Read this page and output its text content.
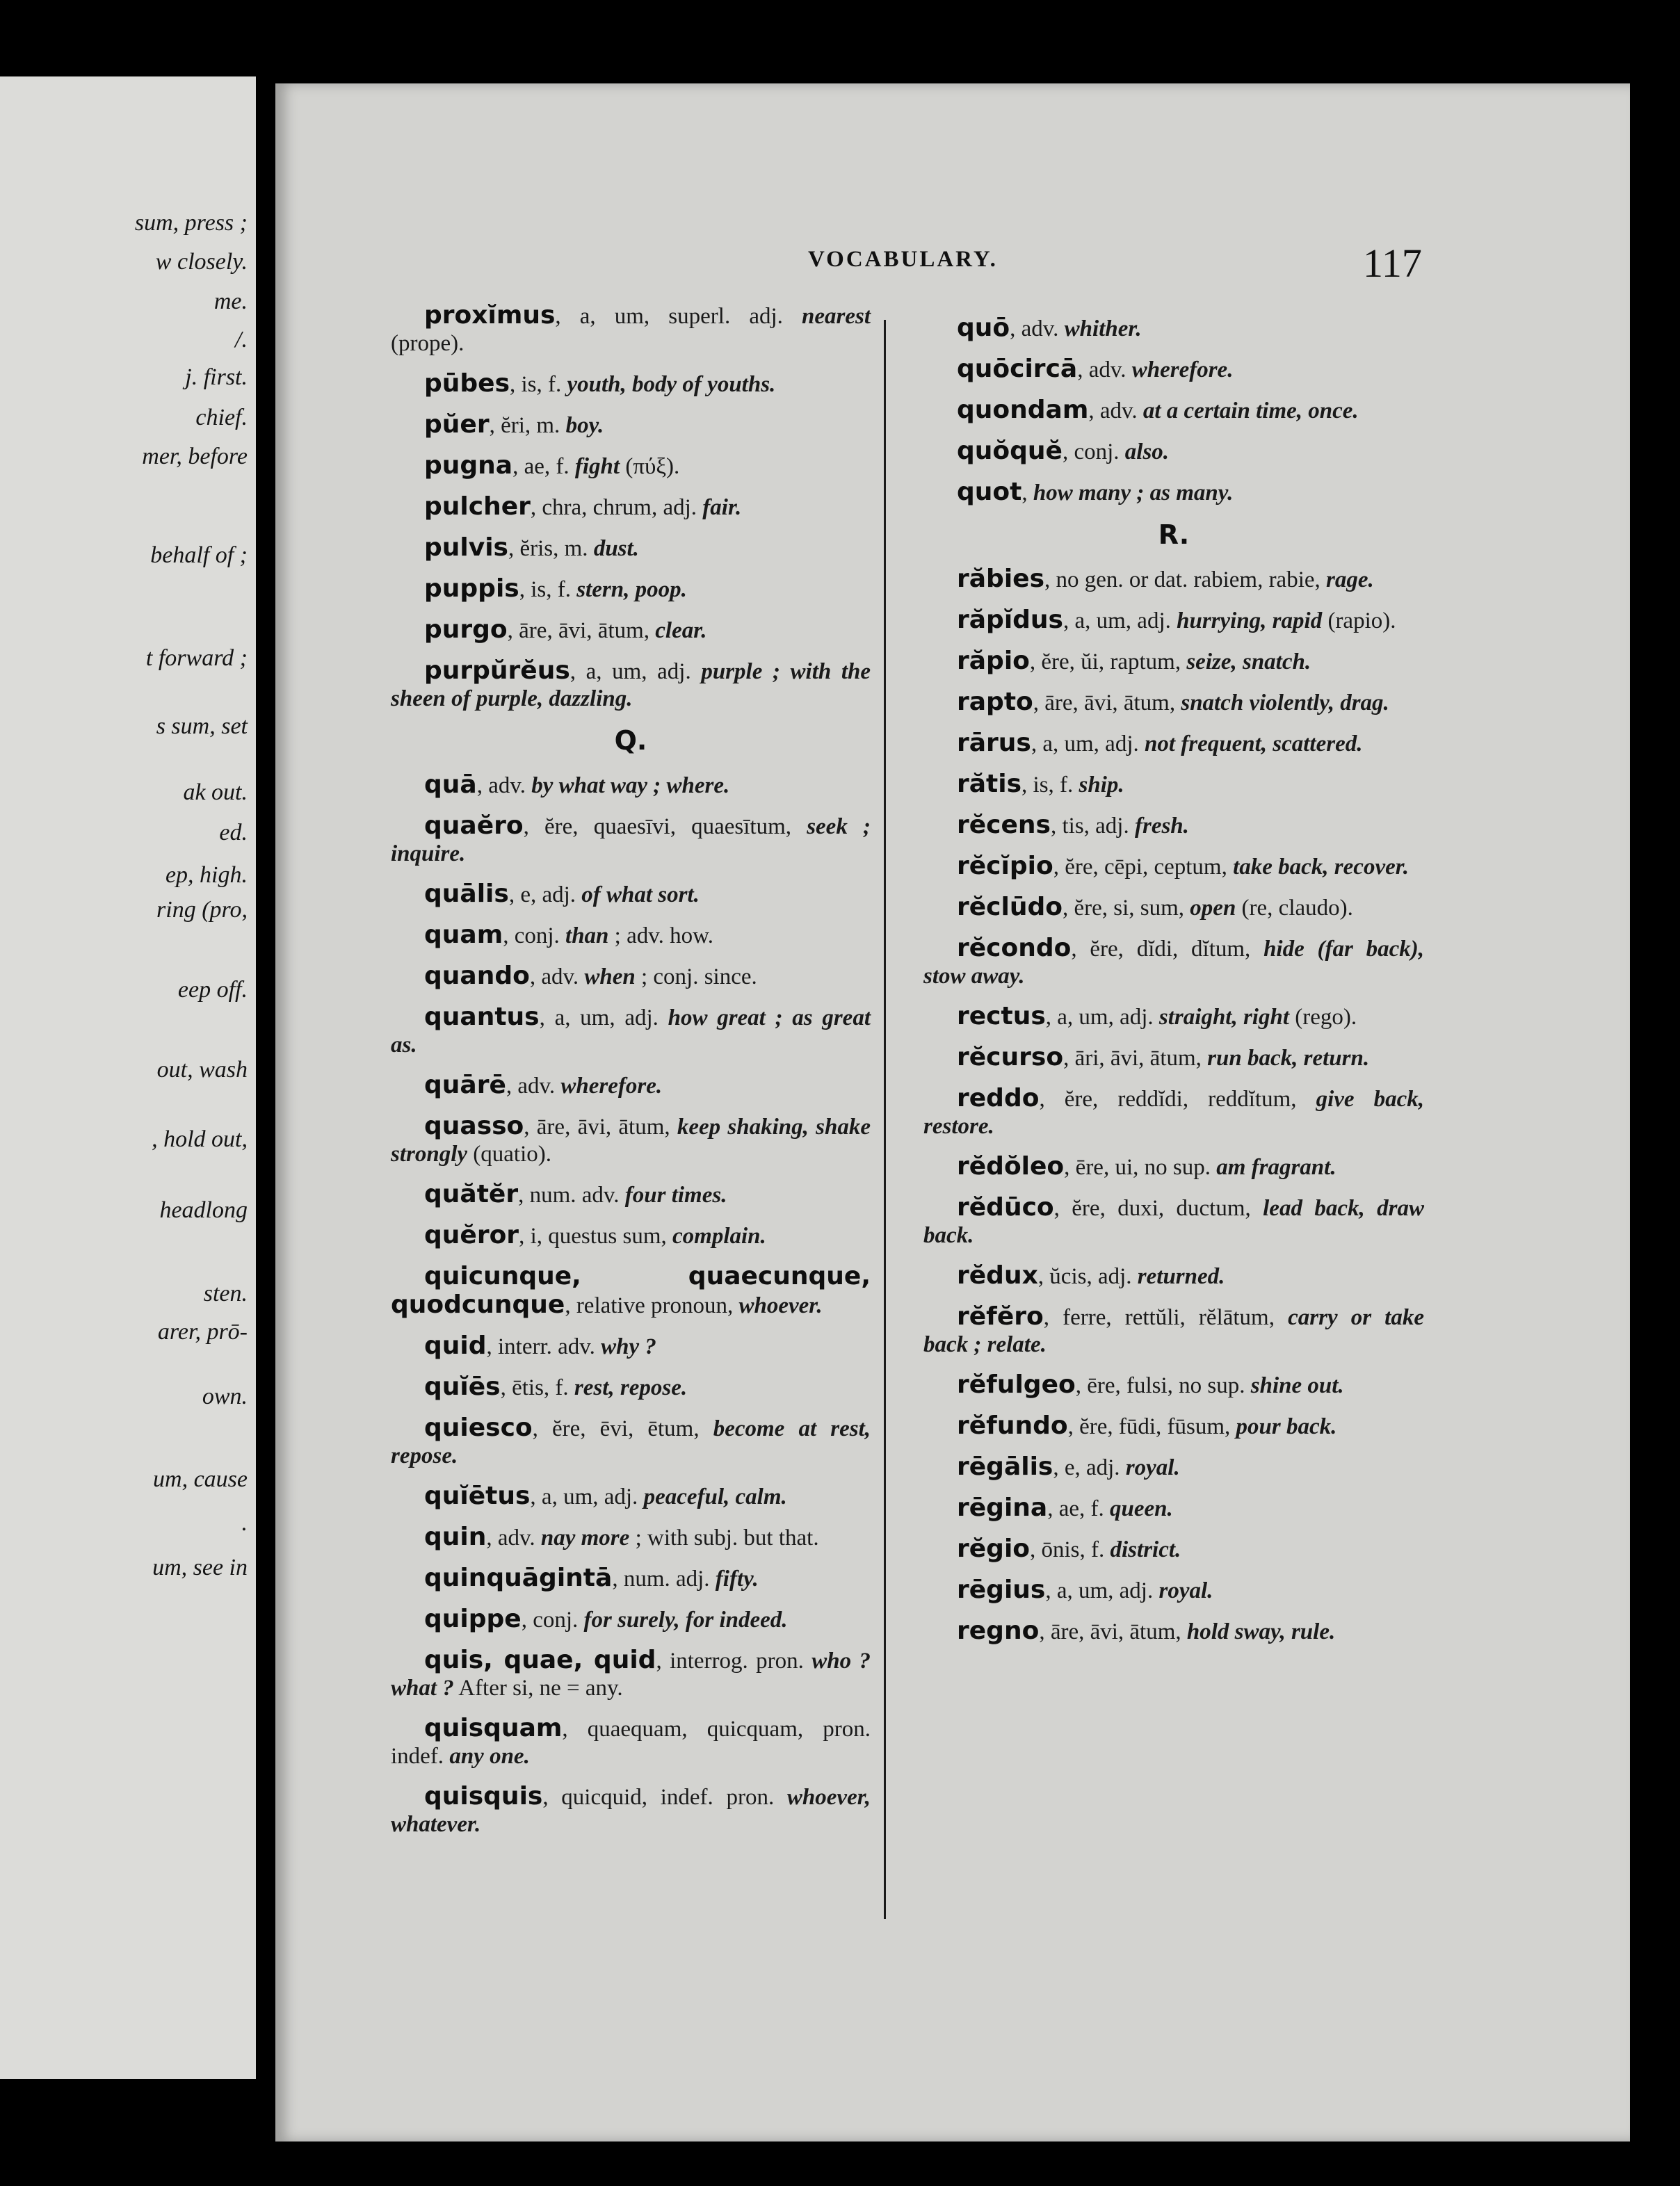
sum, press ;
w closely.
me.
/.
j. first.
chief.
mer, before
behalf of ;
t forward ;
s sum, set
ak out.
ed.
ep, high.
ring (pro,
eep off.
out, wash
, hold out,
headlong
sten.
arer, prō-
own.
um, cause
.
um, see in
VOCABULARY.	117
proxĭmus, a, um, superl. adj. nearest (prope).
pūbes, is, f. youth, body of youths.
pŭer, ĕri, m. boy.
pugna, ae, f. fight (πύξ).
pulcher, chra, chrum, adj. fair.
pulvis, ĕris, m. dust.
puppis, is, f. stern, poop.
purgo, āre, āvi, ātum, clear.
purpŭrĕus, a, um, adj. purple ; with the sheen of purple, dazzling.
Q.
quā, adv. by what way ; where.
quaĕro, ĕre, quaesīvi, quaesītum, seek ; inquire.
quālis, e, adj. of what sort.
quam, conj. than ; adv. how.
quando, adv. when ; conj. since.
quantus, a, um, adj. how great ; as great as.
quārē, adv. wherefore.
quasso, āre, āvi, ātum, keep shaking, shake strongly (quatio).
quătĕr, num. adv. four times.
quĕror, i, questus sum, complain.
quicunque, quaecunque, quodcunque, relative pronoun, whoever.
quid, interr. adv. why ?
quĭēs, ētis, f. rest, repose.
quiesco, ĕre, ēvi, ētum, become at rest, repose.
quĭētus, a, um, adj. peaceful, calm.
quin, adv. nay more ; with subj. but that.
quinquāgintā, num. adj. fifty.
quippe, conj. for surely, for indeed.
quis, quae, quid, interrog. pron. who ? what ? After si, ne = any.
quisquam, quaequam, quicquam, pron. indef. any one.
quisquis, quicquid, indef. pron. whoever, whatever.
quō, adv. whither.
quōcircā, adv. wherefore.
quondam, adv. at a certain time, once.
quŏquĕ, conj. also.
quot, how many ; as many.
R.
răbies, no gen. or dat. rabiem, rabie, rage.
răpĭdus, a, um, adj. hurrying, rapid (rapio).
răpio, ĕre, ŭi, raptum, seize, snatch.
rapto, āre, āvi, ātum, snatch violently, drag.
rārus, a, um, adj. not frequent, scattered.
rătis, is, f. ship.
rĕcens, tis, adj. fresh.
rĕcĭpio, ĕre, cēpi, ceptum, take back, recover.
rĕclūdo, ĕre, si, sum, open (re, claudo).
rĕcondo, ĕre, dĭdi, dĭtum, hide (far back), stow away.
rectus, a, um, adj. straight, right (rego).
rĕcurso, āri, āvi, ātum, run back, return.
reddo, ĕre, reddĭdi, reddĭtum, give back, restore.
rĕdŏleo, ēre, ui, no sup. am fragrant.
rĕdūco, ĕre, duxi, ductum, lead back, draw back.
rĕdux, ŭcis, adj. returned.
rĕfĕro, ferre, rettŭli, rĕlātum, carry or take back ; relate.
rĕfulgeo, ēre, fulsi, no sup. shine out.
rĕfundo, ĕre, fūdi, fūsum, pour back.
rēgālis, e, adj. royal.
rēgina, ae, f. queen.
rĕgio, ōnis, f. district.
rēgius, a, um, adj. royal.
regno, āre, āvi, ātum, hold sway, rule.
